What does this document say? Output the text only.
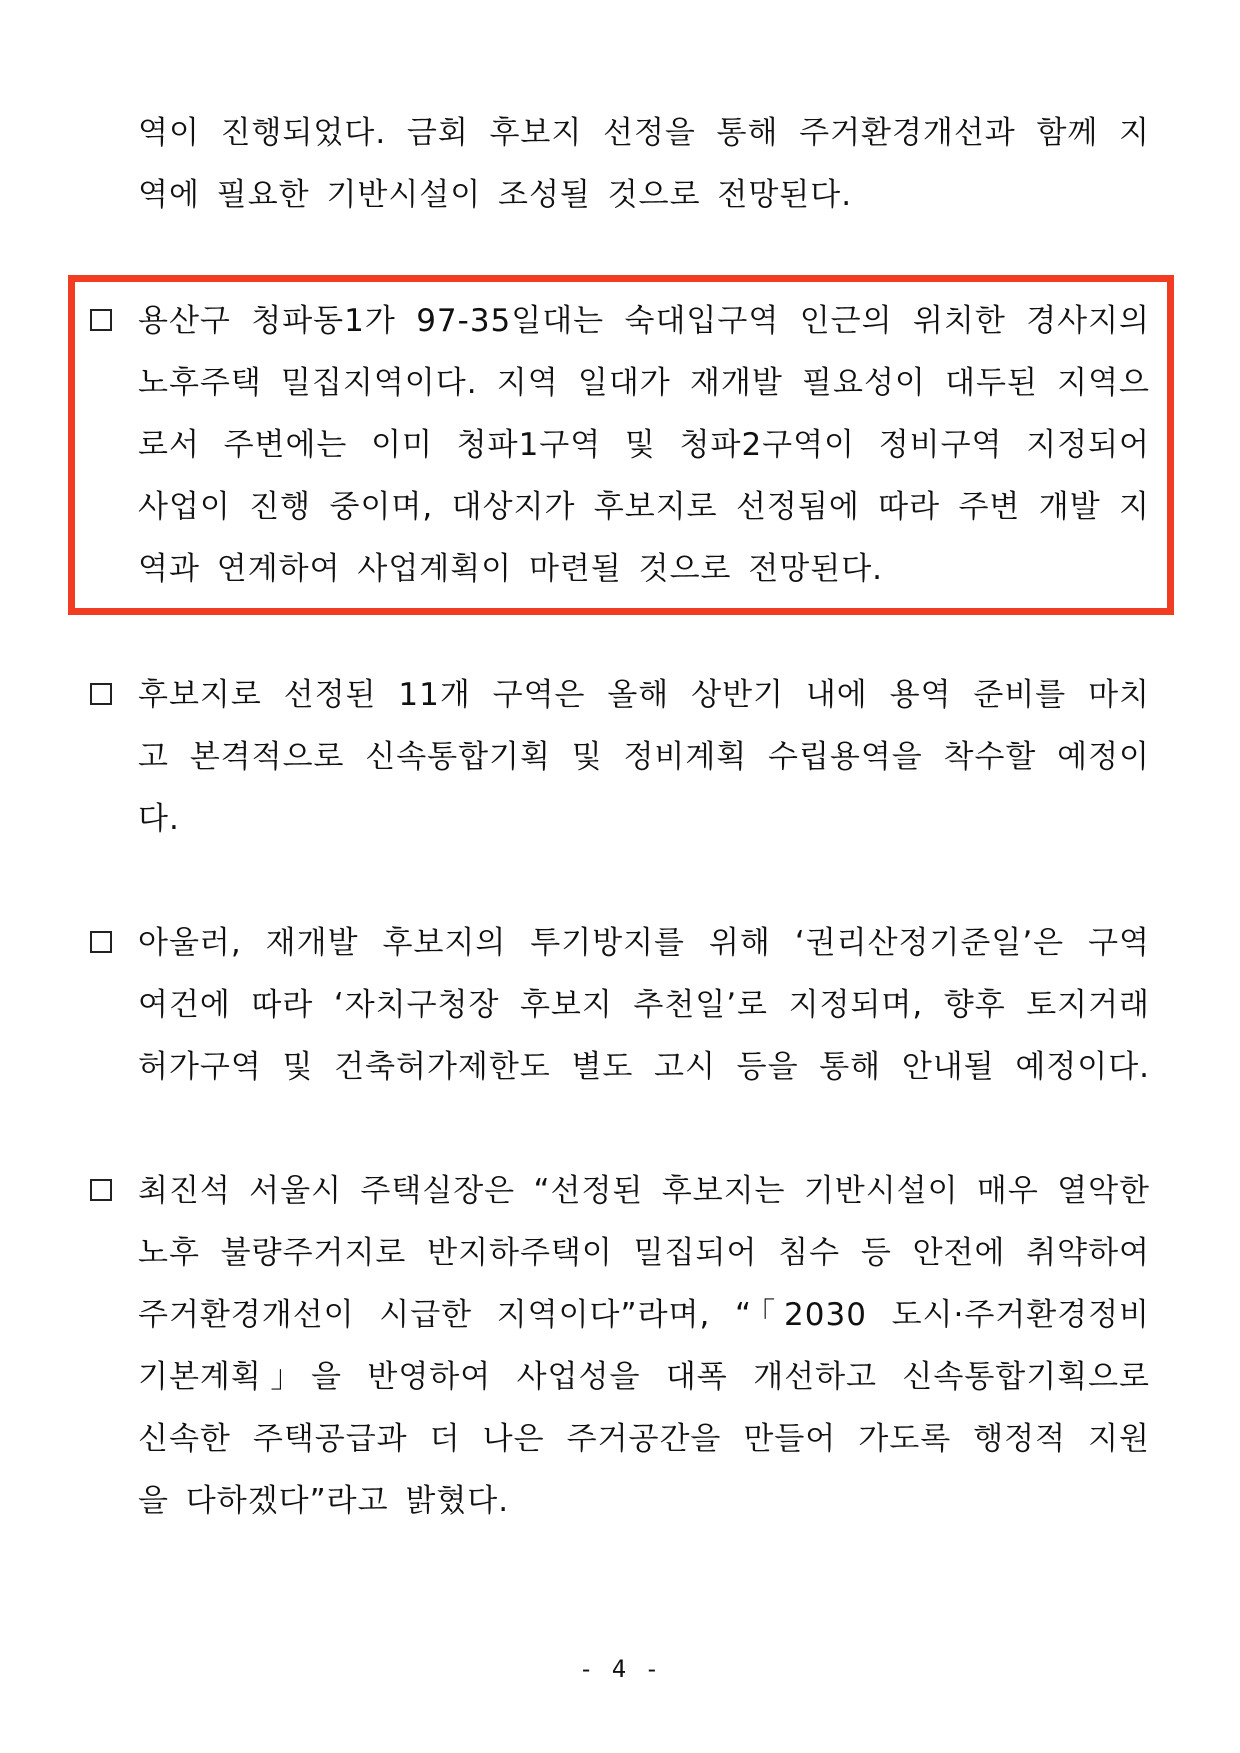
역이 진행되었다. 금회 후보지 선정을 통해 주거환경개선과 함께 지
역에 필요한 기반시설이 조성될 것으로 전망된다.
용산구 청파동1가 97-35일대는 숙대입구역 인근의 위치한 경사지의
노후주택 밀집지역이다. 지역 일대가 재개발 필요성이 대두된 지역으
로서 주변에는 이미 청파1구역 및 청파2구역이 정비구역 지정되어
사업이 진행 중이며, 대상지가 후보지로 선정됨에 따라 주변 개발 지
역과 연계하여 사업계획이 마련될 것으로 전망된다.
후보지로 선정된 11개 구역은 올해 상반기 내에 용역 준비를 마치
고 본격적으로 신속통합기획 및 정비계획 수립용역을 착수할 예정이
다.
아울러, 재개발 후보지의 투기방지를 위해 ‘권리산정기준일’은 구역
여건에 따라 ‘자치구청장 후보지 추천일’로 지정되며, 향후 토지거래
허가구역 및 건축허가제한도 별도 고시 등을 통해 안내될 예정이다.
최진석 서울시 주택실장은 “선정된 후보지는 기반시설이 매우 열악한
노후 불량주거지로 반지하주택이 밀집되어 침수 등 안전에 취약하여
주거환경개선이 시급한 지역이다”라며, “「2030 도시·주거환경정비
기본계획」을 반영하여 사업성을 대폭 개선하고 신속통합기획으로
신속한 주택공급과 더 나은 주거공간을 만들어 가도록 행정적 지원
을 다하겠다”라고 밝혔다.
- 4 -
